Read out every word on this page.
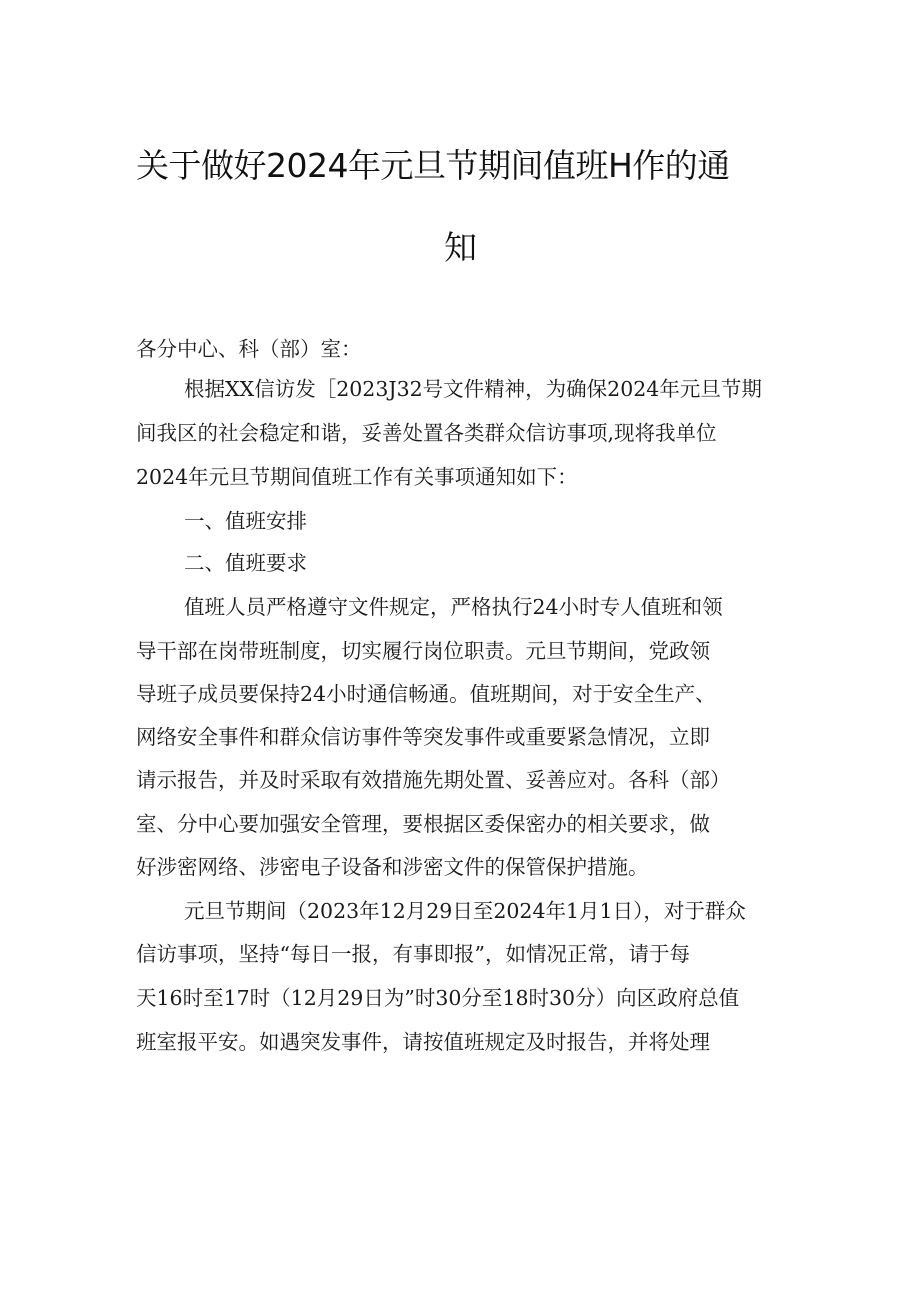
关于做好2024年元旦节期间值班H作的通
知
各分中心、科（部）室：
根据XX信访发［2023J32号文件精神，为确保2024年元旦节期
间我区的社会稳定和谐，妥善处置各类群众信访事项,现将我单位
2024年元旦节期间值班工作有关事项通知如下：
一、值班安排
二、值班要求
值班人员严格遵守文件规定，严格执行24小时专人值班和领
导干部在岗带班制度，切实履行岗位职责。元旦节期间，党政领
导班子成员要保持24小时通信畅通。值班期间，对于安全生产、
网络安全事件和群众信访事件等突发事件或重要紧急情况，立即
请示报告，并及时采取有效措施先期处置、妥善应对。各科（部）
室、分中心要加强安全管理，要根据区委保密办的相关要求，做
好涉密网络、涉密电子设备和涉密文件的保管保护措施。
元旦节期间（2023年12月29日至2024年1月1日），对于群众
信访事项，坚持“每日一报，有事即报”，如情况正常，请于每
天16时至17时（12月29日为”时30分至18时30分）向区政府总值
班室报平安。如遇突发事件，请按值班规定及时报告，并将处理
